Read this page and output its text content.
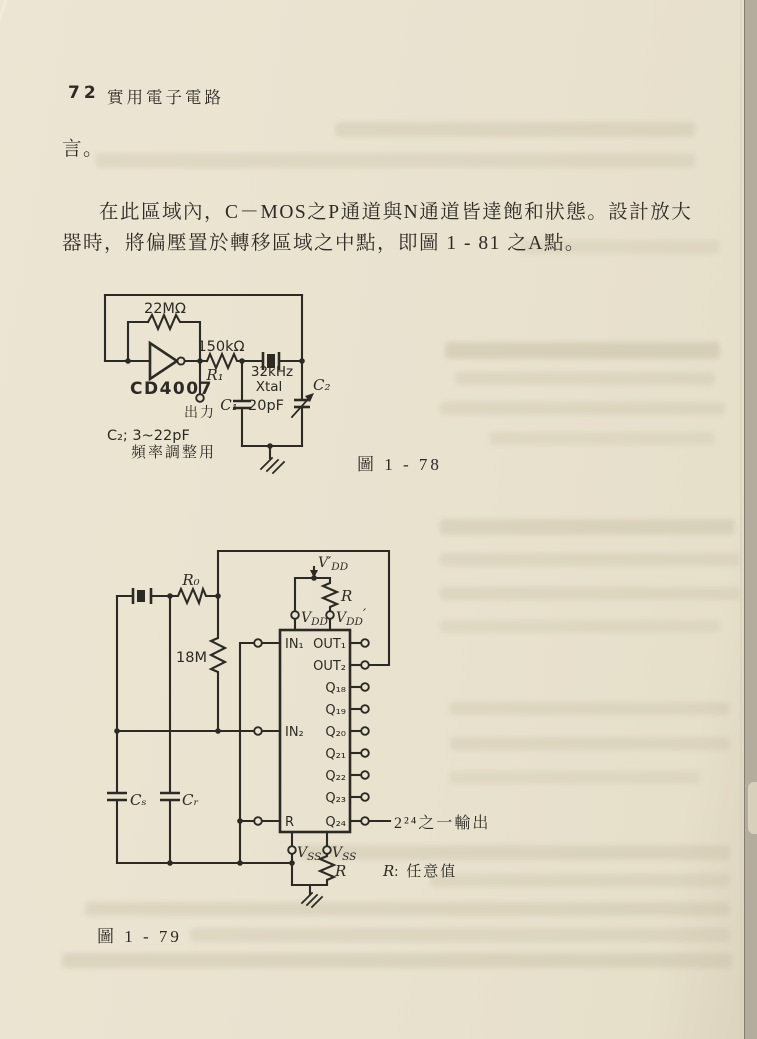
72 實用電子電路
言。
在此區域內，C－MOS之P通道與N通道皆達飽和狀態。設計放大
器時，將偏壓置於轉移區域之中點，即圖 1 - 81 之A點。
22MΩ
150kΩ
R₁
CD4007
出力
32kHz
Xtal
C₁ 20pF
C₂
C₂; 3~22pF
頻率調整用
圖 1 - 78
R₀
18M
Cₛ Cᵣ
$V'_{DD}$
$V_{DD}$ $V_{DD}'$
R
$V_{SS}$ $V_{SS}$
R
IN₁
IN₂
R
OUT₁
OUT₂
Q₁₈
Q₁₉
Q₂₀
Q₂₁
Q₂₂
Q₂₃
Q₂₄	2²⁴之一輸出
R: 任意值
圖 1 - 79
